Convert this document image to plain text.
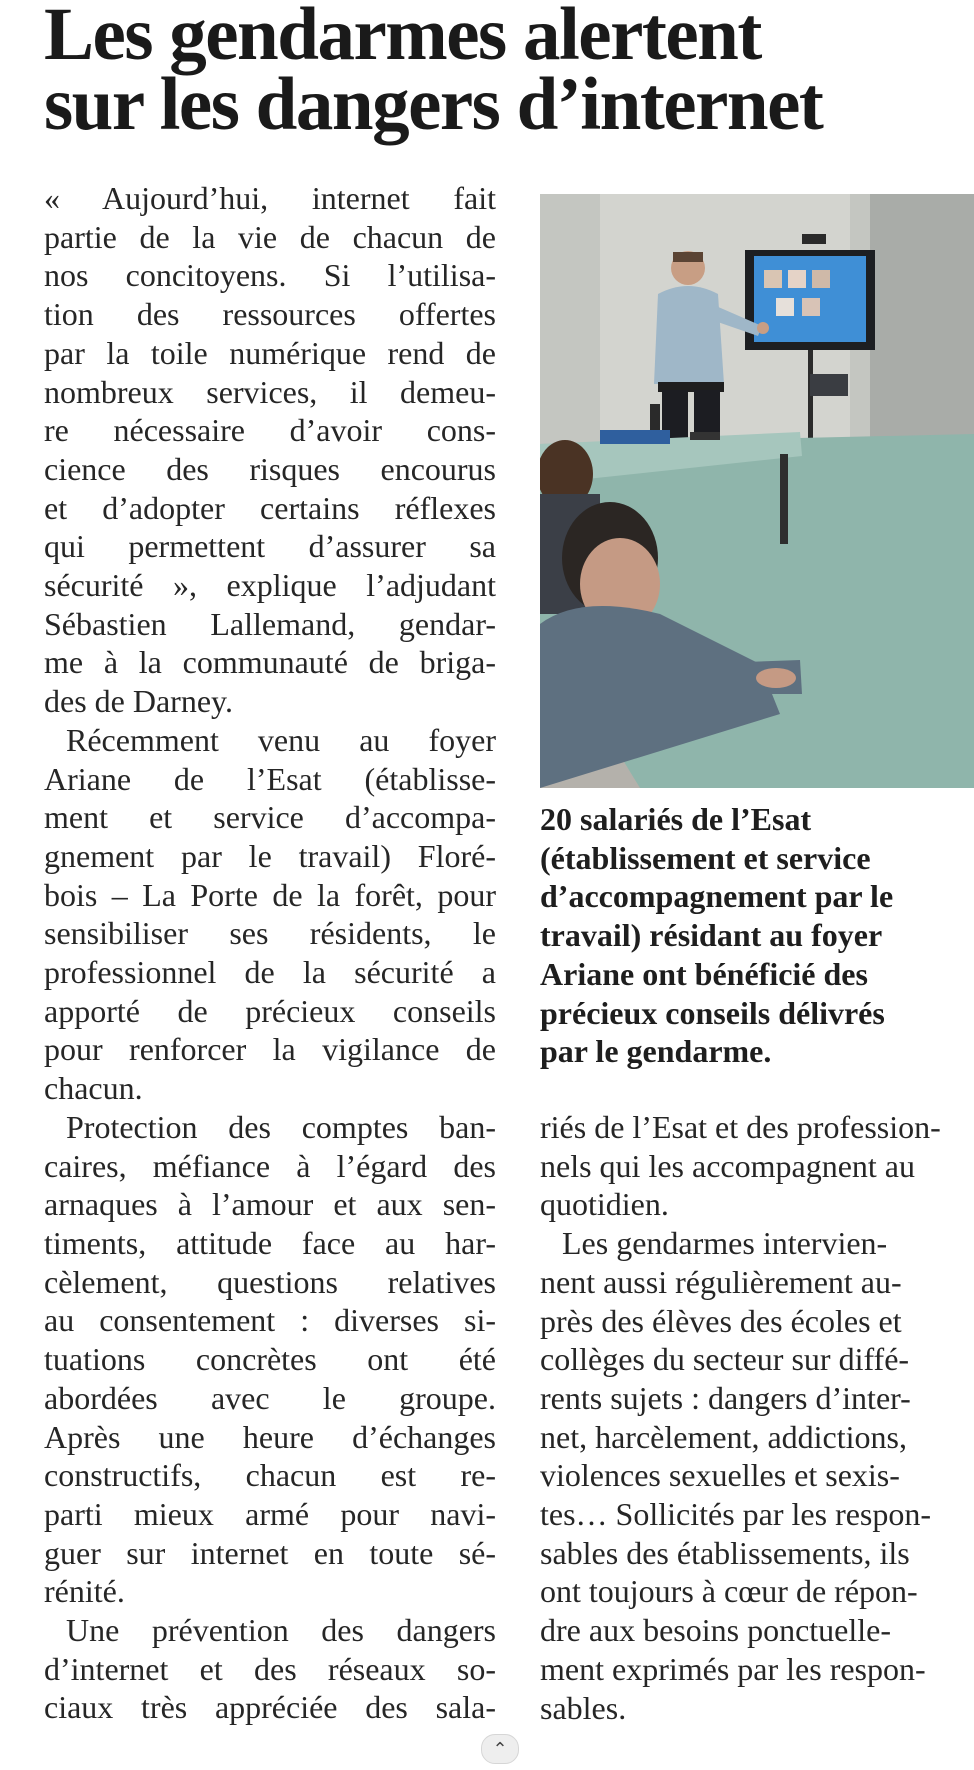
Les gendarmes alertent
sur les dangers d’internet
« Aujourd’hui, internet fait
partie de la vie de chacun de
nos concitoyens. Si l’utilisa-
tion des ressources offertes
par la toile numérique rend de
nombreux services, il demeu-
re nécessaire d’avoir cons-
cience des risques encourus
et d’adopter certains réflexes
qui permettent d’assurer sa
sécurité », explique l’adjudant
Sébastien Lallemand, gendar-
me à la communauté de briga-
des de Darney.
Récemment venu au foyer
Ariane de l’Esat (établisse-
ment et service d’accompa-
gnement par le travail) Floré-
bois – La Porte de la forêt, pour
sensibiliser ses résidents, le
professionnel de la sécurité a
apporté de précieux conseils
pour renforcer la vigilance de
chacun.
Protection des comptes ban-
caires, méfiance à l’égard des
arnaques à l’amour et aux sen-
timents, attitude face au har-
cèlement, questions relatives
au consentement : diverses si-
tuations concrètes ont été
abordées avec le groupe.
Après une heure d’échanges
constructifs, chacun est re-
parti mieux armé pour navi-
guer sur internet en toute sé-
rénité.
Une prévention des dangers
d’internet et des réseaux so-
ciaux très appréciée des sala-
20 salariés de l’Esat
(établissement et service
d’accompagnement par le
travail) résidant au foyer
Ariane ont bénéficié des
précieux conseils délivrés
par le gendarme.
riés de l’Esat et des profession-
nels qui les accompagnent au
quotidien.
Les gendarmes intervien-
nent aussi régulièrement au-
près des élèves des écoles et
collèges du secteur sur diffé-
rents sujets : dangers d’inter-
net, harcèlement, addictions,
violences sexuelles et sexis-
tes… Sollicités par les respon-
sables des établissements, ils
ont toujours à cœur de répon-
dre aux besoins ponctuelle-
ment exprimés par les respon-
sables.
⌃
